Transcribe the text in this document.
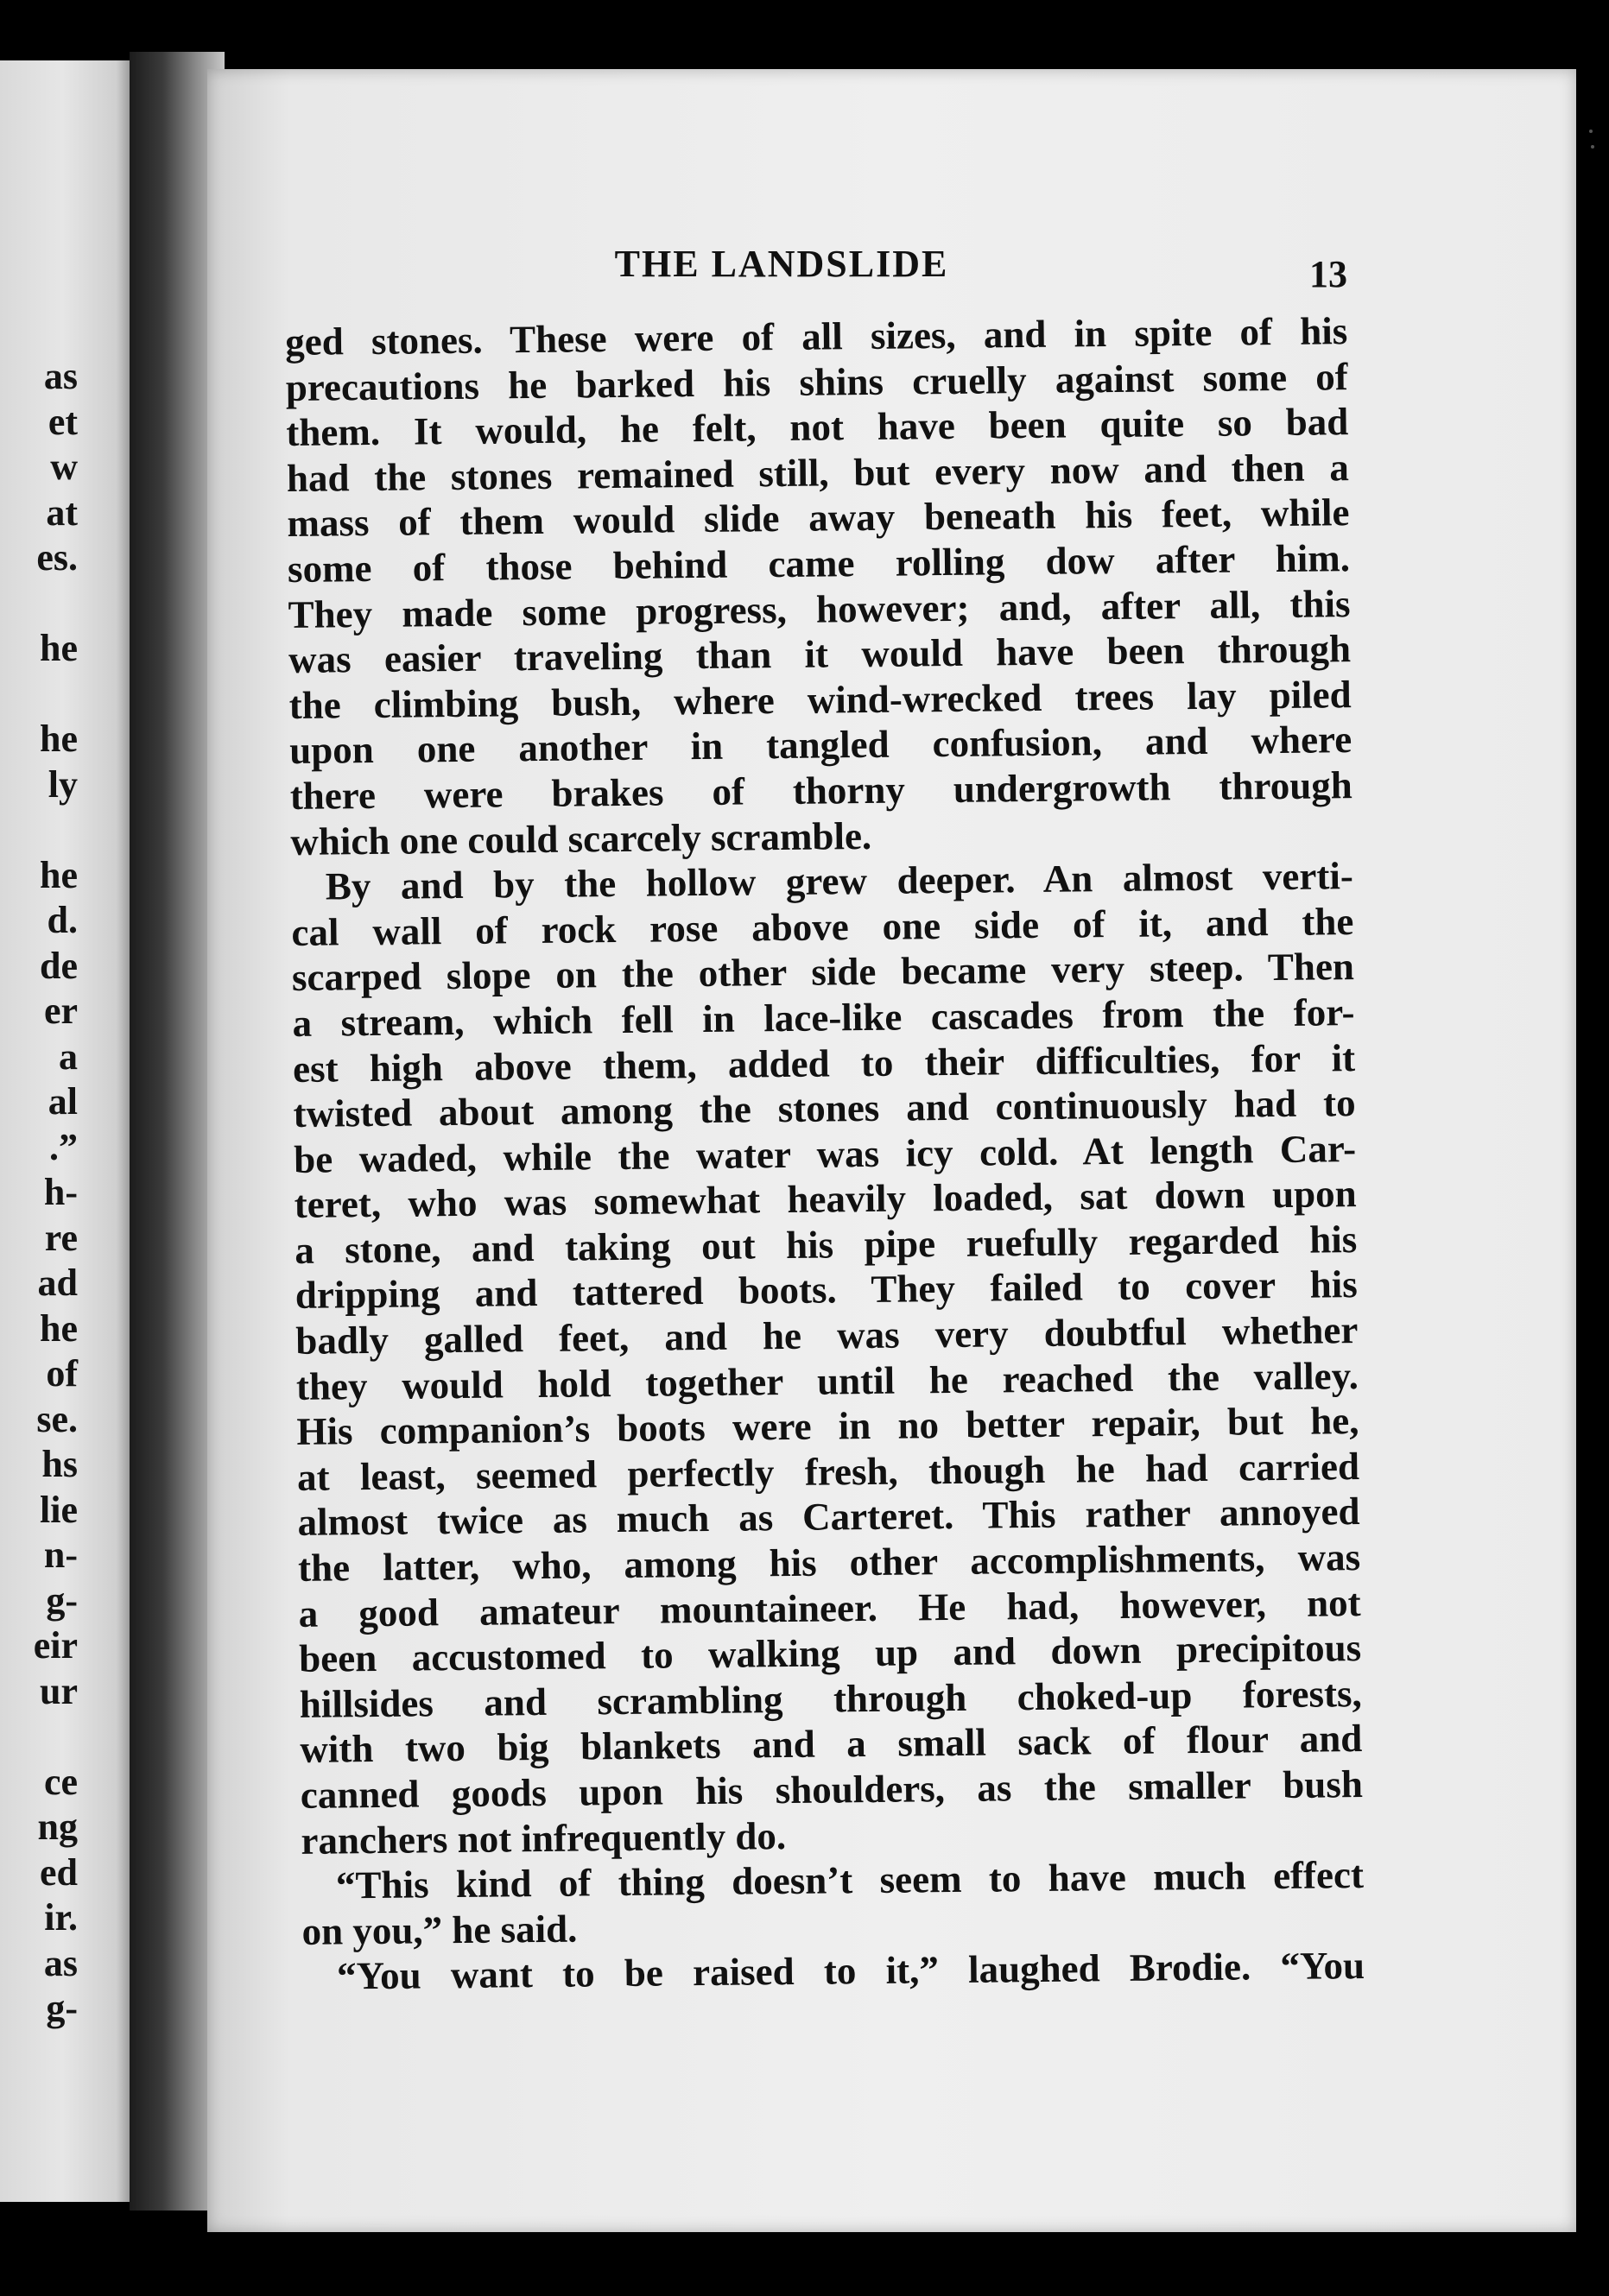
as
et
w
at
es.
he
he
ly
he
d.
de
er
a
al
.”
h-
re
ad
he
of
se.
hs
lie
n-
g-
eir
ur
ce
ng
ed
ir.
as
g-
THE LANDSLIDE	13
ged stones. These were of all sizes, and in spite of his
precautions he barked his shins cruelly against some of
them. It would, he felt, not have been quite so bad
had the stones remained still, but every now and then a
mass of them would slide away beneath his feet, while
some of those behind came rolling dow after him.
They made some progress, however; and, after all, this
was easier traveling than it would have been through
the climbing bush, where wind-wrecked trees lay piled
upon one another in tangled confusion, and where
there were brakes of thorny undergrowth through
which one could scarcely scramble.
By and by the hollow grew deeper. An almost verti-
cal wall of rock rose above one side of it, and the
scarped slope on the other side became very steep. Then
a stream, which fell in lace-like cascades from the for-
est high above them, added to their difficulties, for it
twisted about among the stones and continuously had to
be waded, while the water was icy cold. At length Car-
teret, who was somewhat heavily loaded, sat down upon
a stone, and taking out his pipe ruefully regarded his
dripping and tattered boots. They failed to cover his
badly galled feet, and he was very doubtful whether
they would hold together until he reached the valley.
His companion’s boots were in no better repair, but he,
at least, seemed perfectly fresh, though he had carried
almost twice as much as Carteret. This rather annoyed
the latter, who, among his other accomplishments, was
a good amateur mountaineer. He had, however, not
been accustomed to walking up and down precipitous
hillsides and scrambling through choked-up forests,
with two big blankets and a small sack of flour and
canned goods upon his shoulders, as the smaller bush
ranchers not infrequently do.
“This kind of thing doesn’t seem to have much effect
on you,” he said.
“You want to be raised to it,” laughed Brodie. “You
